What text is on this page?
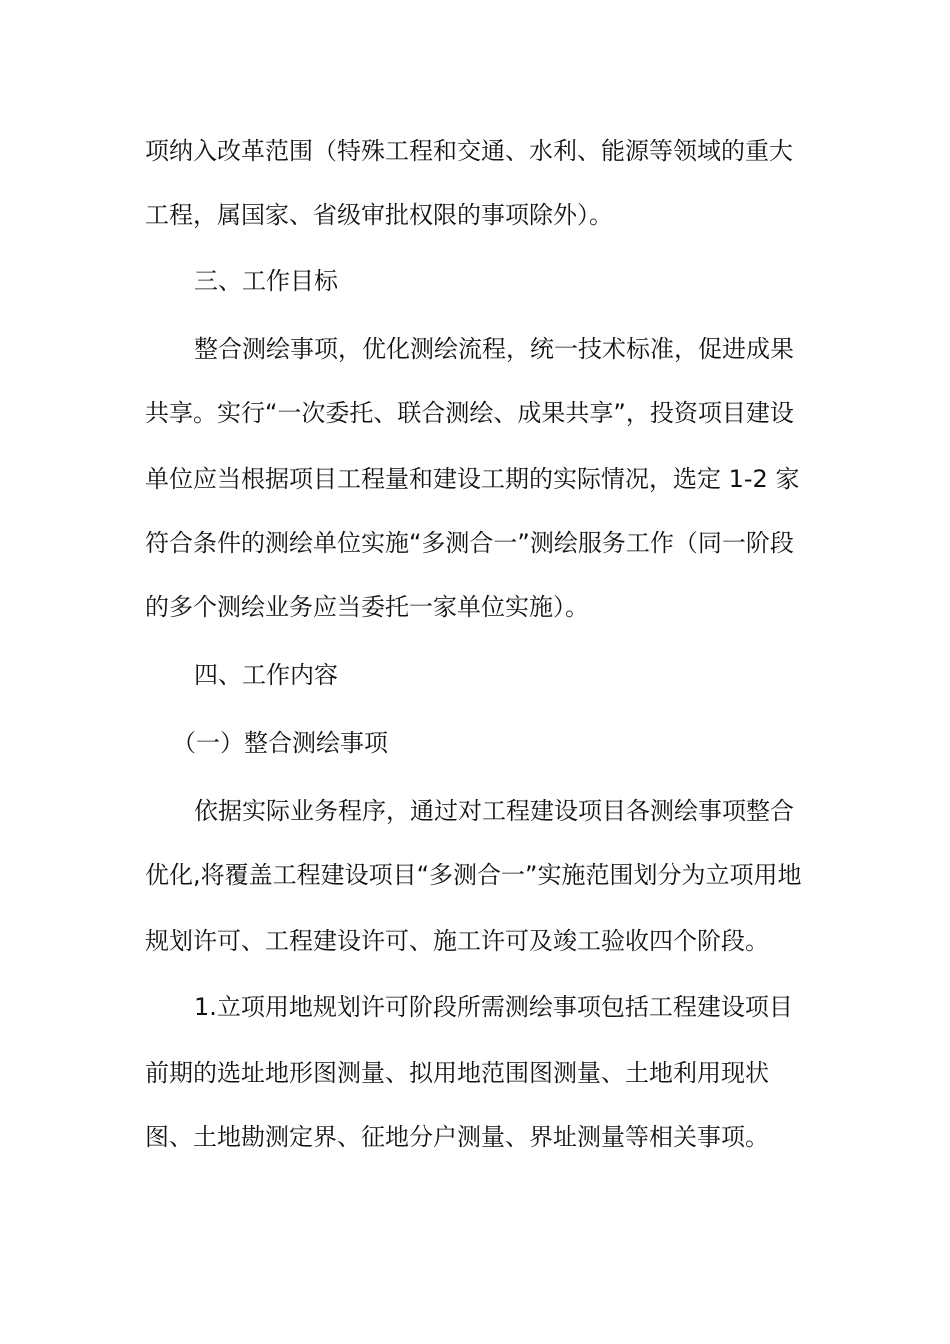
项纳入改革范围（特殊工程和交通、水利、能源等领域的重大
工程，属国家、省级审批权限的事项除外）。
三、工作目标
整合测绘事项，优化测绘流程，统一技术标准，促进成果
共享。实行“一次委托、联合测绘、成果共享”，投资项目建设
单位应当根据项目工程量和建设工期的实际情况，选定 1-2 家
符合条件的测绘单位实施“多测合一”测绘服务工作（同一阶段
的多个测绘业务应当委托一家单位实施）。
四、工作内容
（一）整合测绘事项
依据实际业务程序，通过对工程建设项目各测绘事项整合
优化,将覆盖工程建设项目“多测合一”实施范围划分为立项用地
规划许可、工程建设许可、施工许可及竣工验收四个阶段。
1.立项用地规划许可阶段所需测绘事项包括工程建设项目
前期的选址地形图测量、拟用地范围图测量、土地利用现状
图、土地勘测定界、征地分户测量、界址测量等相关事项。
